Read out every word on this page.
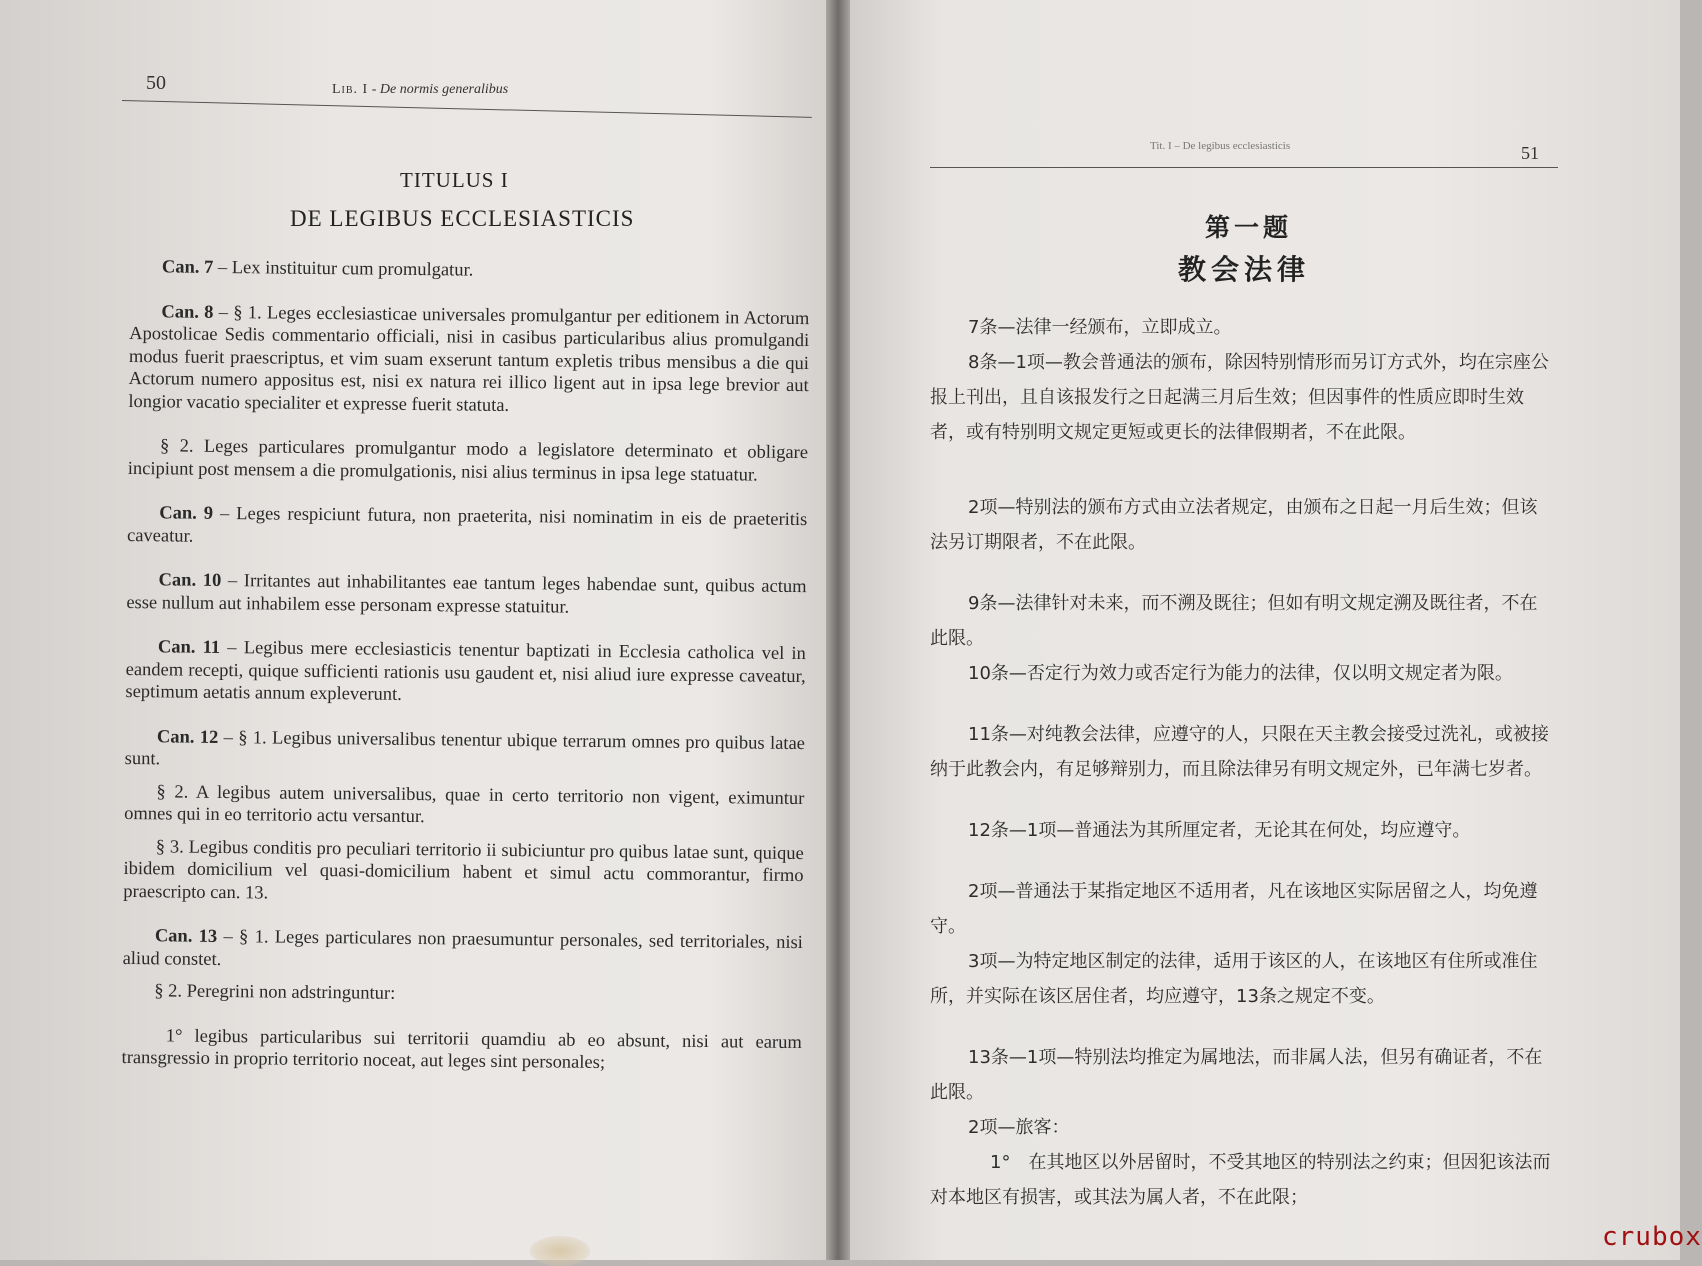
50	Lib. I - De normis generalibus
TITULUS I
DE LEGIBUS ECCLESIASTICIS

Can. 7 – Lex instituitur cum promulgatur.

Can. 8 – § 1. Leges ecclesiasticae universales promulgantur per editionem in Actorum Apostolicae Sedis commentario officiali, nisi in casibus particularibus alius promulgandi modus fuerit praescriptus, et vim suam exserunt tantum expletis tribus mensibus a die qui Actorum numero appositus est, nisi ex natura rei illico ligent aut in ipsa lege brevior aut longior vacatio specialiter et expresse fuerit statuta.

§ 2. Leges particulares promulgantur modo a legislatore determinato et obligare incipiunt post mensem a die promulgationis, nisi alius terminus in ipsa lege statuatur.

Can. 9 – Leges respiciunt futura, non praeterita, nisi nominatim in eis de praeteritis caveatur.

Can. 10 – Irritantes aut inhabilitantes eae tantum leges habendae sunt, quibus actum esse nullum aut inhabilem esse personam expresse statuitur.

Can. 11 – Legibus mere ecclesiasticis tenentur baptizati in Ecclesia catholica vel in eandem recepti, quique sufficienti rationis usu gaudent et, nisi aliud iure expresse caveatur, septimum aetatis annum expleverunt.

Can. 12 – § 1. Legibus universalibus tenentur ubique terrarum omnes pro quibus latae sunt.

§ 2. A legibus autem universalibus, quae in certo territorio non vigent, eximuntur omnes qui in eo territorio actu versantur.

§ 3. Legibus conditis pro peculiari territorio ii subiciuntur pro quibus latae sunt, quique ibidem domicilium vel quasi-domicilium habent et simul actu commorantur, firmo praescripto can. 13.

Can. 13 – § 1. Leges particulares non praesumuntur personales, sed territoriales, nisi aliud constet.

§ 2. Peregrini non adstringuntur:

1° legibus particularibus sui territorii quamdiu ab eo absunt, nisi aut earum transgressio in proprio territorio noceat, aut leges sint personales;

Tit. I – De legibus ecclesiasticis	51
第一题
教会法律

7条—法律一经颁布，立即成立。

8条—1项—教会普通法的颁布，除因特别情形而另订方式外，均在宗座公报上刊出，且自该报发行之日起满三月后生效；但因事件的性质应即时生效者，或有特别明文规定更短或更长的法律假期者，不在此限。

2项—特别法的颁布方式由立法者规定，由颁布之日起一月后生效；但该法另订期限者，不在此限。

9条—法律针对未来，而不溯及既往；但如有明文规定溯及既往者，不在此限。

10条—否定行为效力或否定行为能力的法律，仅以明文规定者为限。

11条—对纯教会法律，应遵守的人，只限在天主教会接受过洗礼，或被接纳于此教会内，有足够辩别力，而且除法律另有明文规定外，已年满七岁者。

12条—1项—普通法为其所厘定者，无论其在何处，均应遵守。

2项—普通法于某指定地区不适用者，凡在该地区实际居留之人，均免遵守。

3项—为特定地区制定的法律，适用于该区的人，在该地区有住所或准住所，并实际在该区居住者，均应遵守，13条之规定不变。

13条—1项—特别法均推定为属地法，而非属人法，但另有确证者，不在此限。

2项—旅客：

1°　在其地区以外居留时，不受其地区的特别法之约束；但因犯该法而对本地区有损害，或其法为属人者，不在此限；

crubox
